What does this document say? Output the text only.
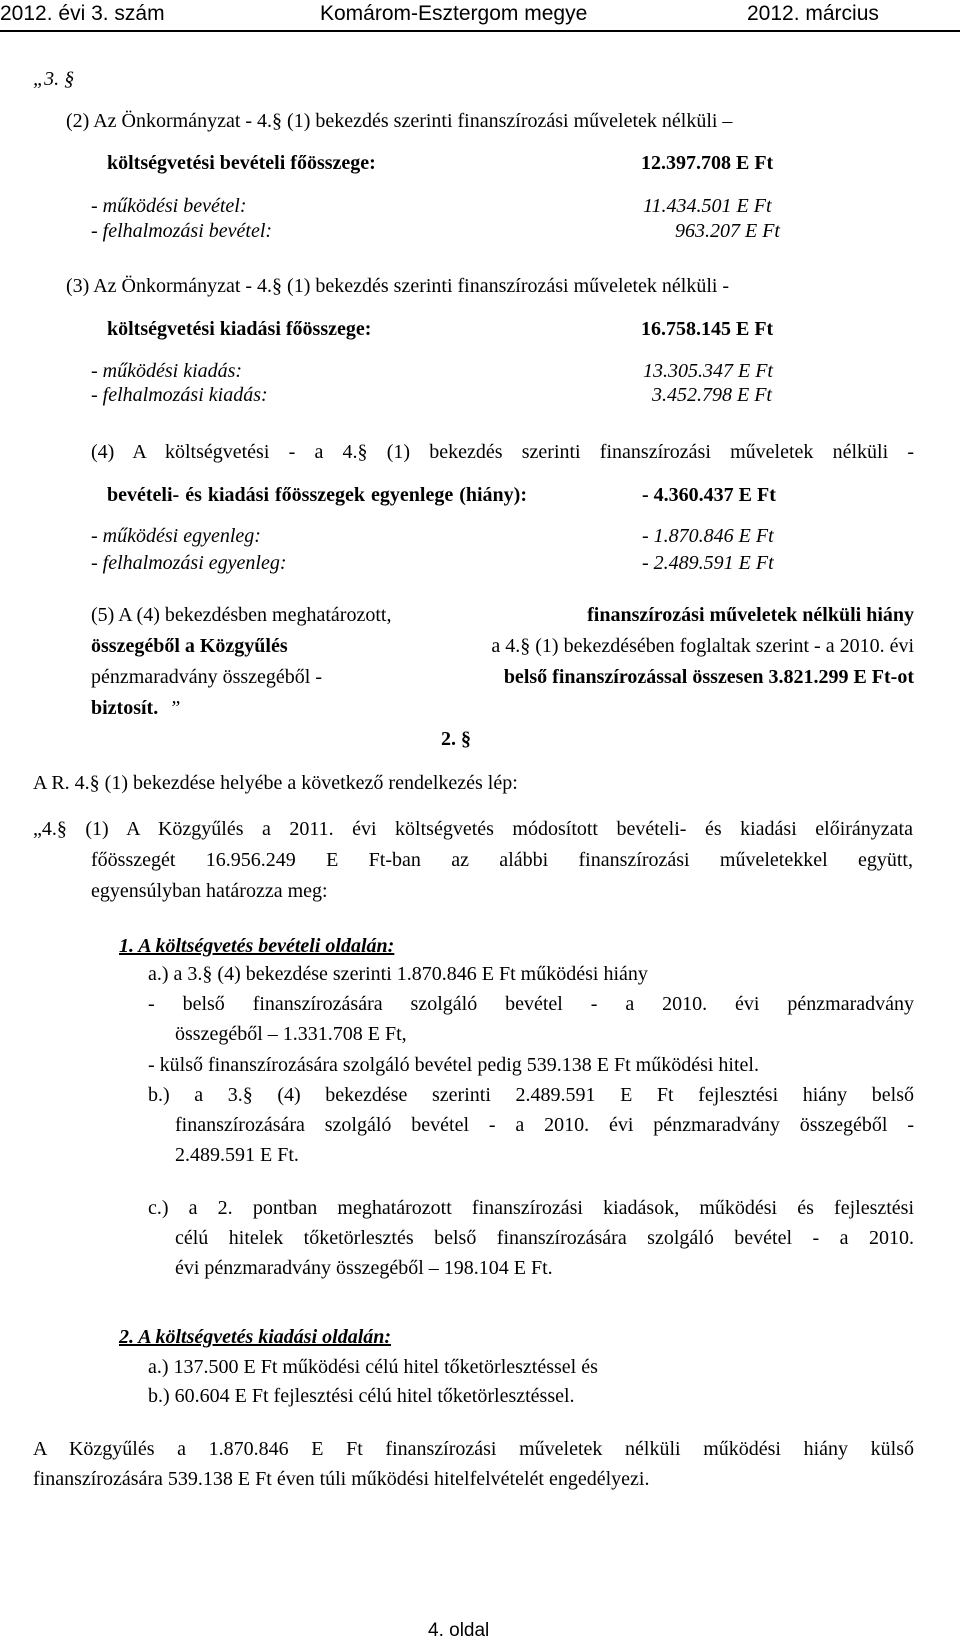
2012. évi 3. szám	Komárom-Esztergom megye	2012. március
„3. §
(2) Az Önkormányzat - 4.§ (1) bekezdés szerinti finanszírozási műveletek nélküli –
költségvetési bevételi főösszege:	12.397.708 E Ft
- működési bevétel:	11.434.501 E Ft
- felhalmozási bevétel:	963.207 E Ft
(3) Az Önkormányzat - 4.§ (1) bekezdés szerinti finanszírozási műveletek nélküli -
költségvetési kiadási főösszege:	16.758.145 E Ft
- működési kiadás:	13.305.347 E Ft
- felhalmozási kiadás:	3.452.798 E Ft
(4) A költségvetési - a 4.§ (1) bekezdés szerinti finanszírozási műveletek nélküli -
bevételi- és kiadási főösszegek egyenlege (hiány):	- 4.360.437 E Ft
- működési egyenleg:	- 1.870.846 E Ft
- felhalmozási egyenleg:	- 2.489.591 E Ft
(5) A (4) bekezdésben meghatározott,	finanszírozási műveletek nélküli hiány
összegéből a Közgyűlés	a 4.§ (1) bekezdésében foglaltak szerint - a 2010. évi
pénzmaradvány összegéből -	belső finanszírozással összesen 3.821.299 E Ft-ot
biztosít. ”
2. §
A R. 4.§ (1) bekezdése helyébe a következő rendelkezés lép:
„4.§ (1) A Közgyűlés a 2011. évi költségvetés módosított bevételi- és kiadási előirányzata
főösszegét 16.956.249 E Ft-ban az alábbi finanszírozási műveletekkel együtt,
egyensúlyban határozza meg:
1. A költségvetés bevételi oldalán:
a.) a 3.§ (4) bekezdése szerinti 1.870.846 E Ft működési hiány
- belső finanszírozására szolgáló bevétel - a 2010. évi pénzmaradvány
összegéből – 1.331.708 E Ft,
- külső finanszírozására szolgáló bevétel pedig 539.138 E Ft működési hitel.
b.) a 3.§ (4) bekezdése szerinti 2.489.591 E Ft fejlesztési hiány belső
finanszírozására szolgáló bevétel - a 2010. évi pénzmaradvány összegéből -
2.489.591 E Ft.
c.) a 2. pontban meghatározott finanszírozási kiadások, működési és fejlesztési
célú hitelek tőketörlesztés belső finanszírozására szolgáló bevétel - a 2010.
évi pénzmaradvány összegéből – 198.104 E Ft.
2. A költségvetés kiadási oldalán:
a.) 137.500 E Ft működési célú hitel tőketörlesztéssel és
b.) 60.604 E Ft fejlesztési célú hitel tőketörlesztéssel.
A Közgyűlés a 1.870.846 E Ft finanszírozási műveletek nélküli működési hiány külső
finanszírozására 539.138 E Ft éven túli működési hitelfelvételét engedélyezi.
4. oldal
